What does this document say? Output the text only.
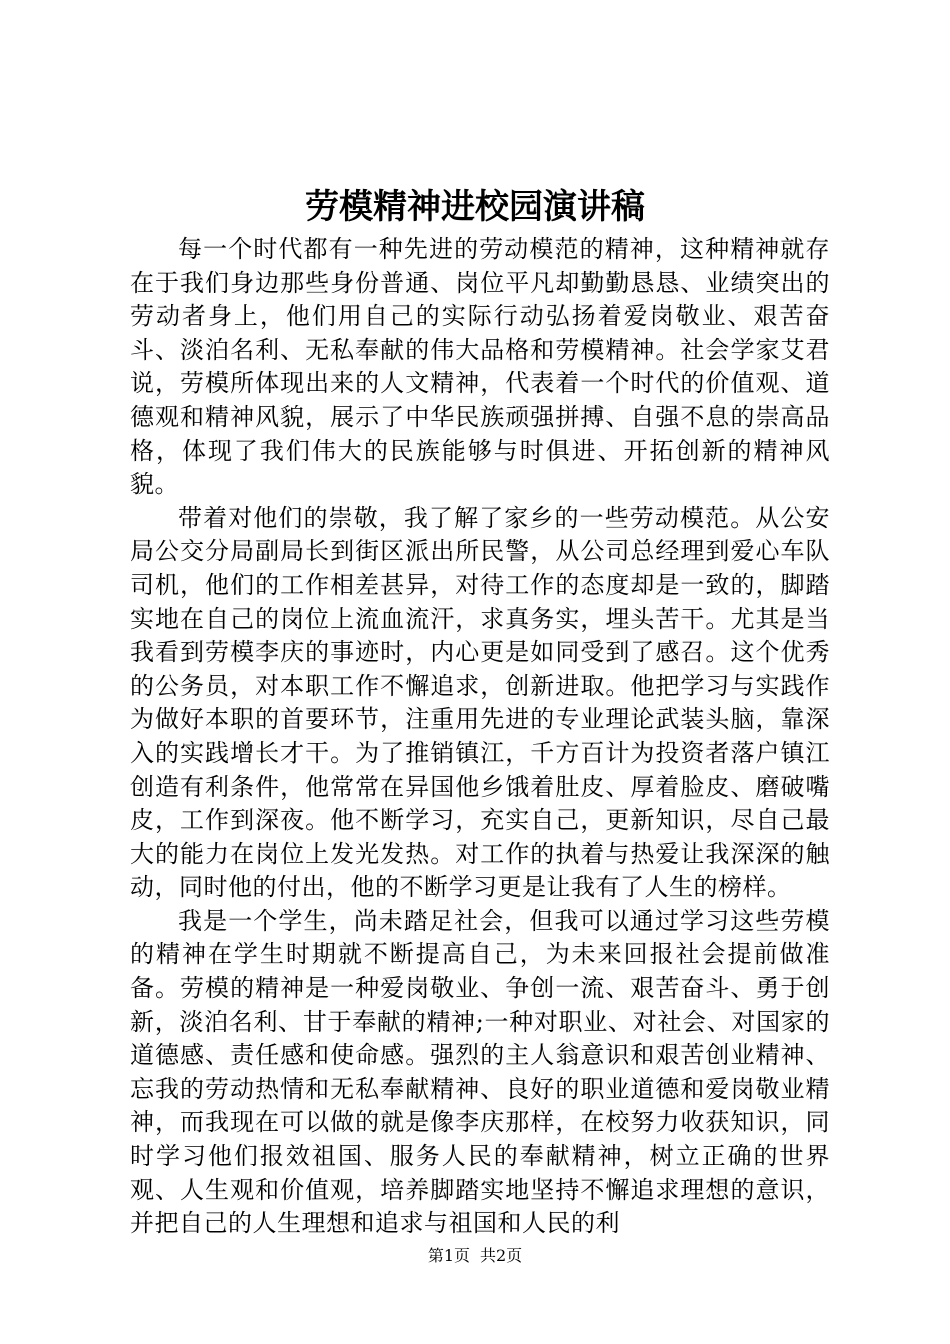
劳模精神进校园演讲稿

每一个时代都有一种先进的劳动模范的精神，这种精神就存在于我们身边那些身份普通、岗位平凡却勤勤恳恳、业绩突出的劳动者身上，他们用自己的实际行动弘扬着爱岗敬业、艰苦奋斗、淡泊名利、无私奉献的伟大品格和劳模精神。社会学家艾君说，劳模所体现出来的人文精神，代表着一个时代的价值观、道德观和精神风貌，展示了中华民族顽强拼搏、自强不息的崇高品格，体现了我们伟大的民族能够与时俱进、开拓创新的精神风貌。

带着对他们的崇敬，我了解了家乡的一些劳动模范。从公安局公交分局副局长到街区派出所民警，从公司总经理到爱心车队司机，他们的工作相差甚异，对待工作的态度却是一致的，脚踏实地在自己的岗位上流血流汗，求真务实，埋头苦干。尤其是当我看到劳模李庆的事迹时，内心更是如同受到了感召。这个优秀的公务员，对本职工作不懈追求，创新进取。他把学习与实践作为做好本职的首要环节，注重用先进的专业理论武装头脑，靠深入的实践增长才干。为了推销镇江，千方百计为投资者落户镇江创造有利条件，他常常在异国他乡饿着肚皮、厚着脸皮、磨破嘴皮，工作到深夜。他不断学习，充实自己，更新知识，尽自己最大的能力在岗位上发光发热。对工作的执着与热爱让我深深的触动，同时他的付出，他的不断学习更是让我有了人生的榜样。

我是一个学生，尚未踏足社会，但我可以通过学习这些劳模的精神在学生时期就不断提高自己，为未来回报社会提前做准备。劳模的精神是一种爱岗敬业、争创一流、艰苦奋斗、勇于创新，淡泊名利、甘于奉献的精神;一种对职业、对社会、对国家的道德感、责任感和使命感。强烈的主人翁意识和艰苦创业精神、忘我的劳动热情和无私奉献精神、良好的职业道德和爱岗敬业精神，而我现在可以做的就是像李庆那样，在校努力收获知识，同时学习他们报效祖国、服务人民的奉献精神，树立正确的世界观、人生观和价值观，培养脚踏实地坚持不懈追求理想的意识，并把自己的人生理想和追求与祖国和人民的利

第1页 共2页
